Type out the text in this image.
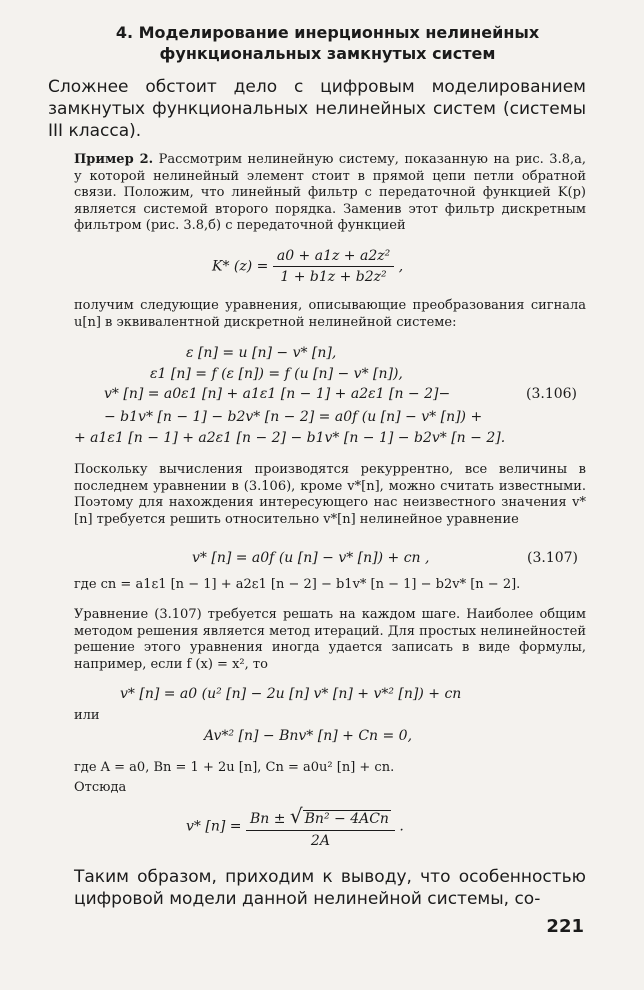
4. Моделирование инерционных нелинейных
функциональных замкнутых систем

Сложнее обстоит дело с цифровым моделированием замкнутых функциональных нелинейных систем (системы III класса).

Пример 2. Рассмотрим нелинейную систему, показанную на рис. 3.8,а, у которой нелинейный элемент стоит в прямой цепи петли обратной связи. Положим, что линейный фильтр с передаточной функцией K(p) является системой второго порядка. Заменив этот фильтр дискретным фильтром (рис. 3.8,б) с передаточной функцией

K* $(z) = \frac{\text{a0 + a1z + a2z²}}{\text{1 + b1z + b2z²}}$ ,

получим следующие уравнения, описывающие преобразования сигнала u[n] в эквивалентной дискретной нелинейной системе:

ε [n] = u [n] − v* [n],
ε1 [n] = f (ε [n]) = f (u [n] − v* [n]),
v* [n] = a0ε1 [n] + a1ε1 [n − 1] + a2ε1 [n − 2]−
− b1v* [n − 1] − b2v* [n − 2] = a0f (u [n] − v* [n]) +
+ a1ε1 [n − 1] + a2ε1 [n − 2] − b1v* [n − 1] − b2v* [n − 2].
(3.106)

Поскольку вычисления производятся рекуррентно, все величины в последнем уравнении в (3.106), кроме v*[n], можно считать известными. Поэтому для нахождения интересующего нас неизвестного значения v*[n] требуется решить относительно v*[n] нелинейное уравнение

v* [n] = a0f (u [n] − v* [n]) + cn ,	(3.107)

где cn = a1ε1 [n − 1] + a2ε1 [n − 2] − b1v* [n − 1] − b2v* [n − 2].

Уравнение (3.107) требуется решать на каждом шаге. Наиболее общим методом решения является метод итераций. Для простых нелинейностей решение этого уравнения иногда удается записать в виде формулы, например, если f (x) = x², то

v* [n] = a0 (u² [n] − 2u [n] v* [n] + v*² [n]) + cn

или

Av*² [n] − Bnv* [n] + Cn = 0,

где A = a0, Bn = 1 + 2u [n], Cn = a0u² [n] + cn.

Отсюда

v* $[n] = \frac{\text{Bn ± √ Bn² − 4ACn}}{2A}$ .

Таким образом, приходим к выводу, что особенностью цифровой модели данной нелинейной системы, со-

221
